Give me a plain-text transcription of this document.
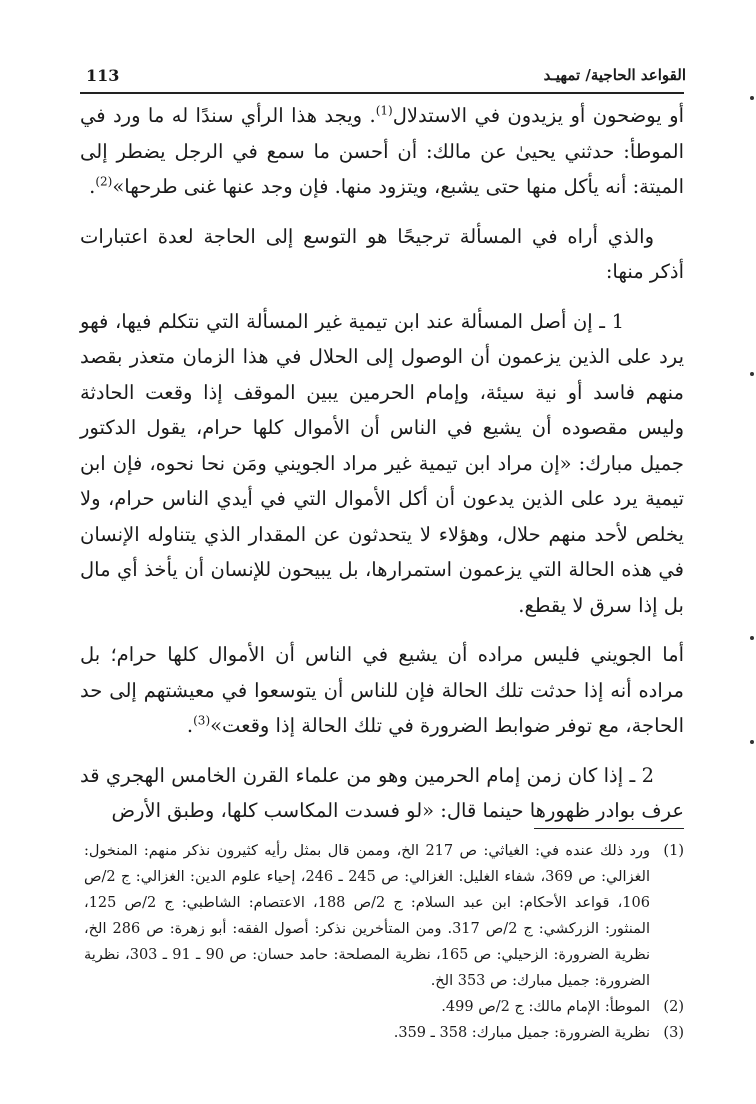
113	القواعد الحاجية/ تمهيـد

أو يوضحون أو يزيدون في الاستدلال$^{(1)}$. ويجد هذا الرأي سندًا له ما ورد في الموطأ: حدثني يحيىٰ عن مالك: أن أحسن ما سمع في الرجل يضطر إلى الميتة: أنه يأكل منها حتى يشبع، ويتزود منها. فإن وجد عنها غنى طرحها»$^{(2)}$.

والذي أراه في المسألة ترجيحًا هو التوسع إلى الحاجة لعدة اعتبارات أذكر منها:

1 ـ إن أصل المسألة عند ابن تيمية غير المسألة التي نتكلم فيها، فهو يرد على الذين يزعمون أن الوصول إلى الحلال في هذا الزمان متعذر بقصد منهم فاسد أو نية سيئة، وإمام الحرمين يبين الموقف إذا وقعت الحادثة وليس مقصوده أن يشيع في الناس أن الأموال كلها حرام، يقول الدكتور جميل مبارك: «إن مراد ابن تيمية غير مراد الجويني ومَن نحا نحوه، فإن ابن تيمية يرد على الذين يدعون أن أكل الأموال التي في أيدي الناس حرام، ولا يخلص لأحد منهم حلال، وهؤلاء لا يتحدثون عن المقدار الذي يتناوله الإنسان في هذه الحالة التي يزعمون استمرارها، بل يبيحون للإنسان أن يأخذ أي مال بل إذا سرق لا يقطع.

أما الجويني فليس مراده أن يشيع في الناس أن الأموال كلها حرام؛ بل مراده أنه إذا حدثت تلك الحالة فإن للناس أن يتوسعوا في معيشتهم إلى حد الحاجة، مع توفر ضوابط الضرورة في تلك الحالة إذا وقعت»$^{(3)}$.

2 ـ إذا كان زمن إمام الحرمين وهو من علماء القرن الخامس الهجري قد عرف بوادر ظهورها حينما قال: «لو فسدت المكاسب كلها، وطبق الأرض

(1)
ورد ذلك عنده في: الغياثي: ص 217 الخ، وممن قال بمثل رأيه كثيرون نذكر منهم: المنخول: الغزالي: ص 369، شفاء الغليل: الغزالي: ص 245 ـ 246، إحياء علوم الدين: الغزالي: ج 2/ص 106، قواعد الأحكام: ابن عبد السلام: ج 2/ص 188، الاعتصام: الشاطبي: ج 2/ص 125، المنثور: الزركشي: ج 2/ص 317. ومن المتأخرين نذكر: أصول الفقه: أبو زهرة: ص 286 الخ، نظرية الضرورة: الزحيلي: ص 165، نظرية المصلحة: حامد حسان: ص 90 ـ 91 ـ 303، نظرية الضرورة: جميل مبارك: ص 353 الخ.
(2)
الموطأ: الإمام مالك: ج 2/ص 499.
(3)
نظرية الضرورة: جميل مبارك: 358 ـ 359.
